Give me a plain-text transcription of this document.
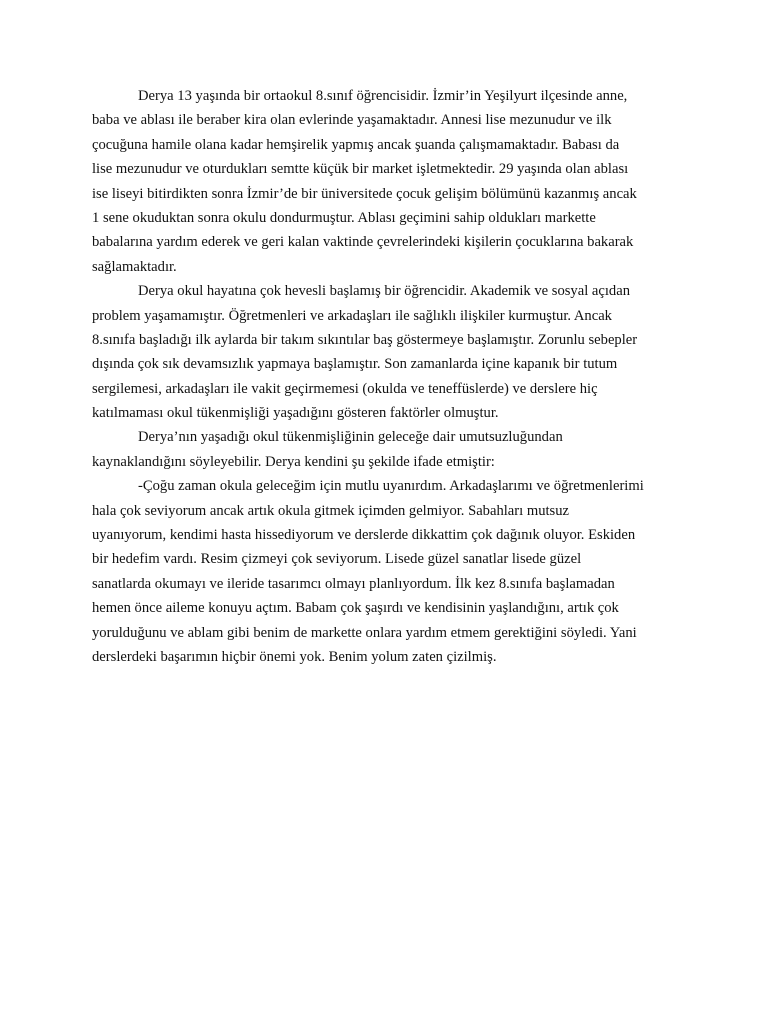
Derya 13 yaşında bir ortaokul 8.sınıf öğrencisidir. İzmir’in Yeşilyurt ilçesinde anne,
baba ve ablası ile beraber kira olan evlerinde yaşamaktadır. Annesi lise mezunudur ve ilk
çocuğuna hamile olana kadar hemşirelik yapmış ancak şuanda çalışmamaktadır. Babası da
lise mezunudur ve oturdukları semtte küçük bir market işletmektedir. 29 yaşında olan ablası
ise liseyi bitirdikten sonra İzmir’de bir üniversitede çocuk gelişim bölümünü kazanmış ancak
1 sene okuduktan sonra okulu dondurmuştur. Ablası geçimini sahip oldukları markette
babalarına yardım ederek ve geri kalan vaktinde çevrelerindeki kişilerin çocuklarına bakarak
sağlamaktadır.

Derya okul hayatına çok hevesli başlamış bir öğrencidir. Akademik ve sosyal açıdan
problem yaşamamıştır. Öğretmenleri ve arkadaşları ile sağlıklı ilişkiler kurmuştur. Ancak
8.sınıfa başladığı ilk aylarda bir takım sıkıntılar baş göstermeye başlamıştır. Zorunlu sebepler
dışında çok sık devamsızlık yapmaya başlamıştır. Son zamanlarda içine kapanık bir tutum
sergilemesi, arkadaşları ile vakit geçirmemesi (okulda ve teneffüslerde) ve derslere hiç
katılmaması okul tükenmişliği yaşadığını gösteren faktörler olmuştur.

Derya’nın yaşadığı okul tükenmişliğinin geleceğe dair umutsuzluğundan
kaynaklandığını söyleyebilir. Derya kendini şu şekilde ifade etmiştir:

-Çoğu zaman okula geleceğim için mutlu uyanırdım. Arkadaşlarımı ve öğretmenlerimi
hala çok seviyorum ancak artık okula gitmek içimden gelmiyor. Sabahları mutsuz
uyanıyorum, kendimi hasta hissediyorum ve derslerde dikkattim çok dağınık oluyor. Eskiden
bir hedefim vardı. Resim çizmeyi çok seviyorum. Lisede güzel sanatlar lisede güzel
sanatlarda okumayı ve ileride tasarımcı olmayı planlıyordum. İlk kez 8.sınıfa başlamadan
hemen önce aileme konuyu açtım. Babam çok şaşırdı ve kendisinin yaşlandığını, artık çok
yorulduğunu ve ablam gibi benim de markette onlara yardım etmem gerektiğini söyledi. Yani
derslerdeki başarımın hiçbir önemi yok. Benim yolum zaten çizilmiş.
